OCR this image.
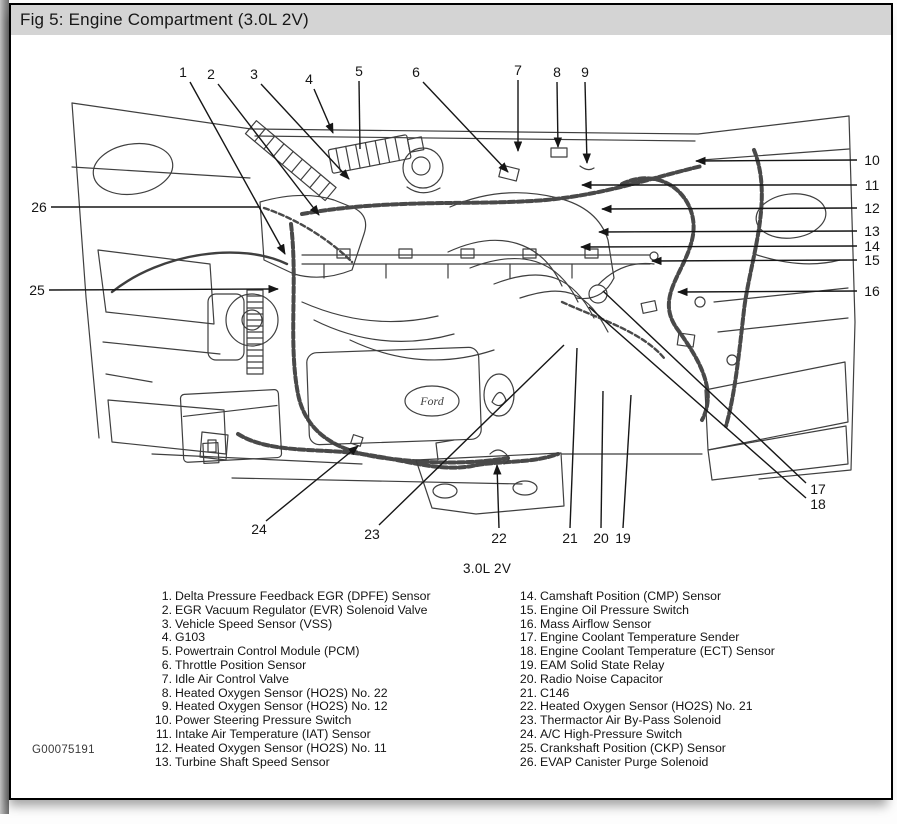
Fig 5: Engine Compartment (3.0L 2V)
Ford
1 2	3	4	5	6	7 8 9
10
11
12
13
14
15
16
17
18
19
20
21
22
23
24
25
26
3.0L 2V
1. Delta Pressure Feedback EGR (DPFE) Sensor
2. EGR Vacuum Regulator (EVR) Solenoid Valve
3. Vehicle Speed Sensor (VSS)
4. G103
5. Powertrain Control Module (PCM)
6. Throttle Position Sensor
7. Idle Air Control Valve
8. Heated Oxygen Sensor (HO2S) No. 22
9. Heated Oxygen Sensor (HO2S) No. 12
10. Power Steering Pressure Switch
11. Intake Air Temperature (IAT) Sensor
12. Heated Oxygen Sensor (HO2S) No. 11
13. Turbine Shaft Speed Sensor
14. Camshaft Position (CMP) Sensor
15. Engine Oil Pressure Switch
16. Mass Airflow Sensor
17. Engine Coolant Temperature Sender
18. Engine Coolant Temperature (ECT) Sensor
19. EAM Solid State Relay
20. Radio Noise Capacitor
21. C146
22. Heated Oxygen Sensor (HO2S) No. 21
23. Thermactor Air By-Pass Solenoid
24. A/C High-Pressure Switch
25. Crankshaft Position (CKP) Sensor
26. EVAP Canister Purge Solenoid
G00075191
